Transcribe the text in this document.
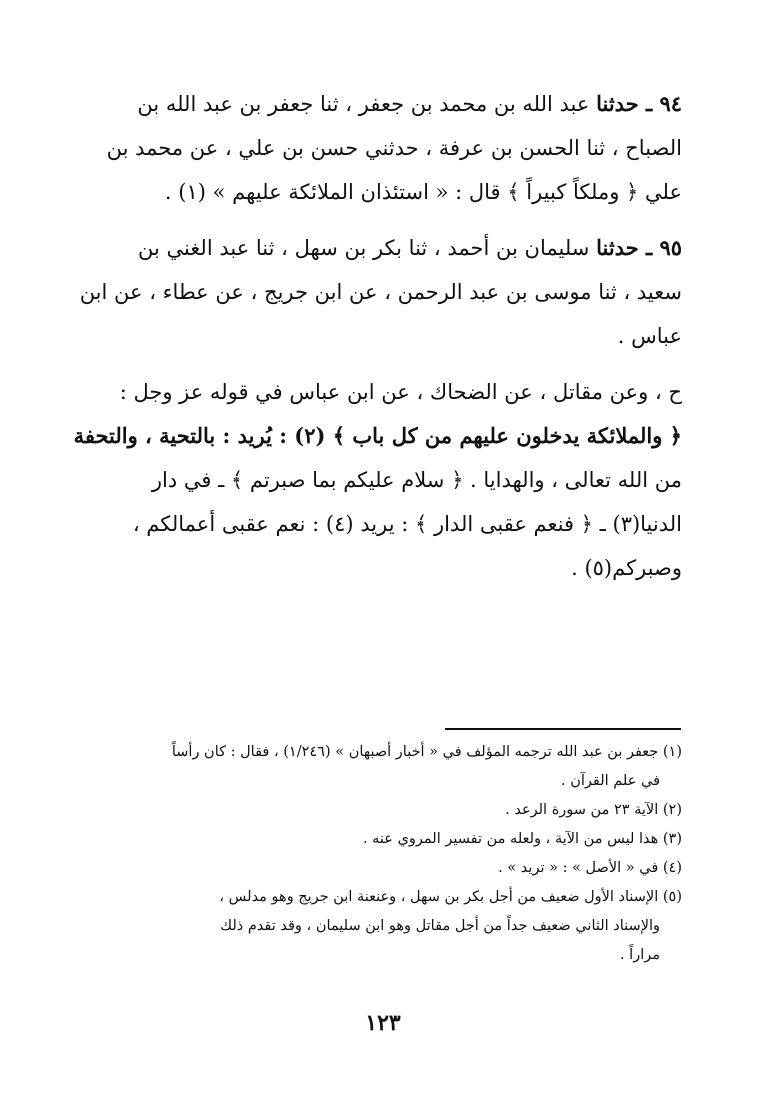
٩٤ ـ حدثنا عبد الله بن محمد بن جعفر ، ثنا جعفر بن عبد الله بن
الصباح ، ثنا الحسن بن عرفة ، حدثني حسن بن علي ، عن محمد بن
علي ﴿ وملكاً كبيراً ﴾ قال : « استئذان الملائكة عليهم » (١) .
٩٥ ـ حدثنا سليمان بن أحمد ، ثنا بكر بن سهل ، ثنا عبد الغني بن
سعيد ، ثنا موسى بن عبد الرحمن ، عن ابن جريج ، عن عطاء ، عن ابن
عباس .
ح ، وعن مقاتل ، عن الضحاك ، عن ابن عباس في قوله عز وجل :
﴿ والملائكة يدخلون عليهم من كل باب ﴾ (٢) : يُريد : بالتحية ، والتحفة
من الله تعالى ، والهدايا . ﴿ سلام عليكم بما صبرتم ﴾ ـ في دار
الدنيا(٣) ـ ﴿ فنعم عقبى الدار ﴾ : يريد (٤) : نعم عقبى أعمالكم ،
وصبركم(٥) .
(١) جعفر بن عبد الله ترجمه المؤلف في « أخبار أصبهان » (١/٢٤٦) ، فقال : كان رأساً
في علم القرآن .
(٢) الآية ٢٣ من سورة الرعد .
(٣) هذا ليس من الآية ، ولعله من تفسير المروي عنه .
(٤) في « الأصل » : « تريد » .
(٥) الإسناد الأول ضعيف من أجل بكر بن سهل ، وعنعنة ابن جريج وهو مدلس ،
والإسناد الثاني ضعيف جداً من أجل مقاتل وهو ابن سليمان ، وقد تقدم ذلك
مراراً .
١٢٣
